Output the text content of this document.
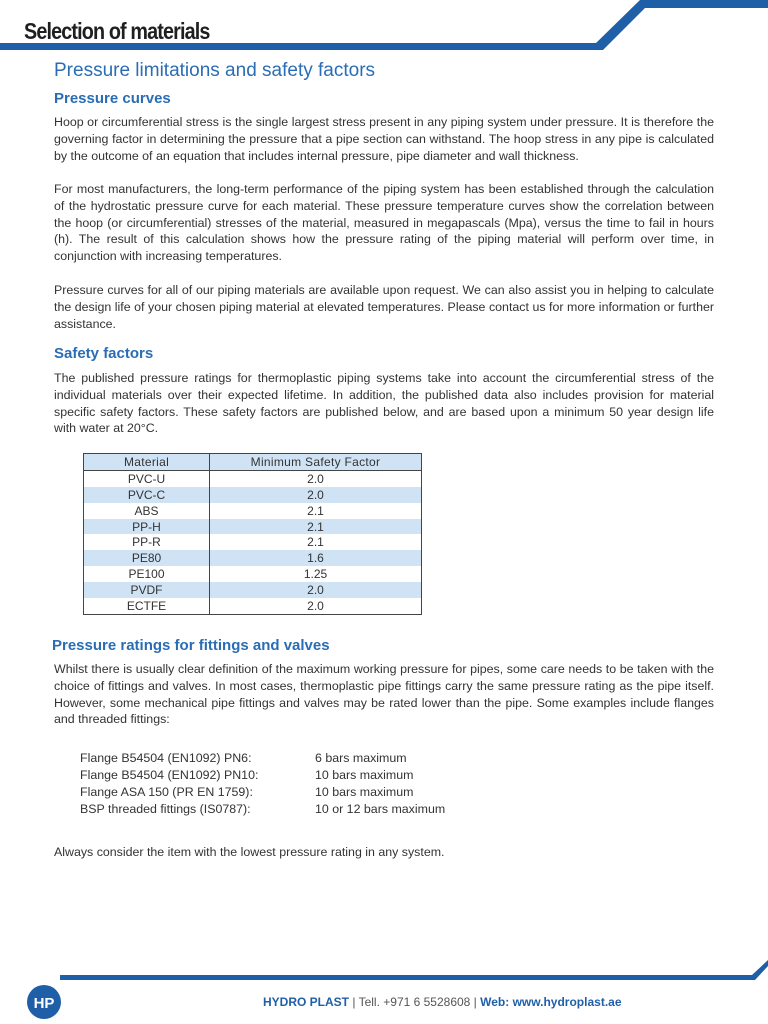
Selection of materials
Pressure limitations and safety factors
Pressure curves
Hoop or circumferential stress is the single largest stress present in any piping system under pressure. It is therefore the governing factor in determining the pressure that a pipe section can withstand. The hoop stress in any pipe is calculated by the outcome of an equation that includes internal pressure, pipe diameter and wall thickness.
For most manufacturers, the long-term performance of the piping system has been established through the calculation of the hydrostatic pressure curve for each material. These pressure temperature curves show the correlation between the hoop (or circumferential) stresses of the material, measured in megapascals (Mpa), versus the time to fail in hours (h). The result of this calculation shows how the pressure rating of the piping material will perform over time, in conjunction with increasing temperatures.
Pressure curves for all of our piping materials are available upon request. We can also assist you in helping to calculate the design life of your chosen piping material at elevated temperatures. Please contact us for more information or further assistance.
Safety factors
The published pressure ratings for thermoplastic piping systems take into account the circumferential stress of the individual materials over their expected lifetime. In addition, the published data also includes provision for material specific safety factors. These safety factors are published below, and are based upon a minimum 50 year design life with water at 20°C.
Material	Minimum Safety Factor
PVC-U	2.0
PVC-C	2.0
ABS	2.1
PP-H	2.1
PP-R	2.1
PE80	1.6
PE100	1.25
PVDF	2.0
ECTFE	2.0
Pressure ratings for fittings and valves
Whilst there is usually clear definition of the maximum working pressure for pipes, some care needs to be taken with the choice of fittings and valves. In most cases, thermoplastic pipe fittings carry the same pressure rating as the pipe itself. However, some mechanical pipe fittings and valves may be rated lower than the pipe. Some examples include flanges and threaded fittings:
Flange B54504 (EN1092) PN6:	6 bars maximum
Flange B54504 (EN1092) PN10:	10 bars maximum
Flange ASA 150 (PR EN 1759):	10 bars maximum
BSP threaded fittings (IS0787):	10 or 12 bars maximum
Always consider the item with the lowest pressure rating in any system.
HP	HYDRO PLAST | Tell. +971 6 5528608 | Web: www.hydroplast.ae
